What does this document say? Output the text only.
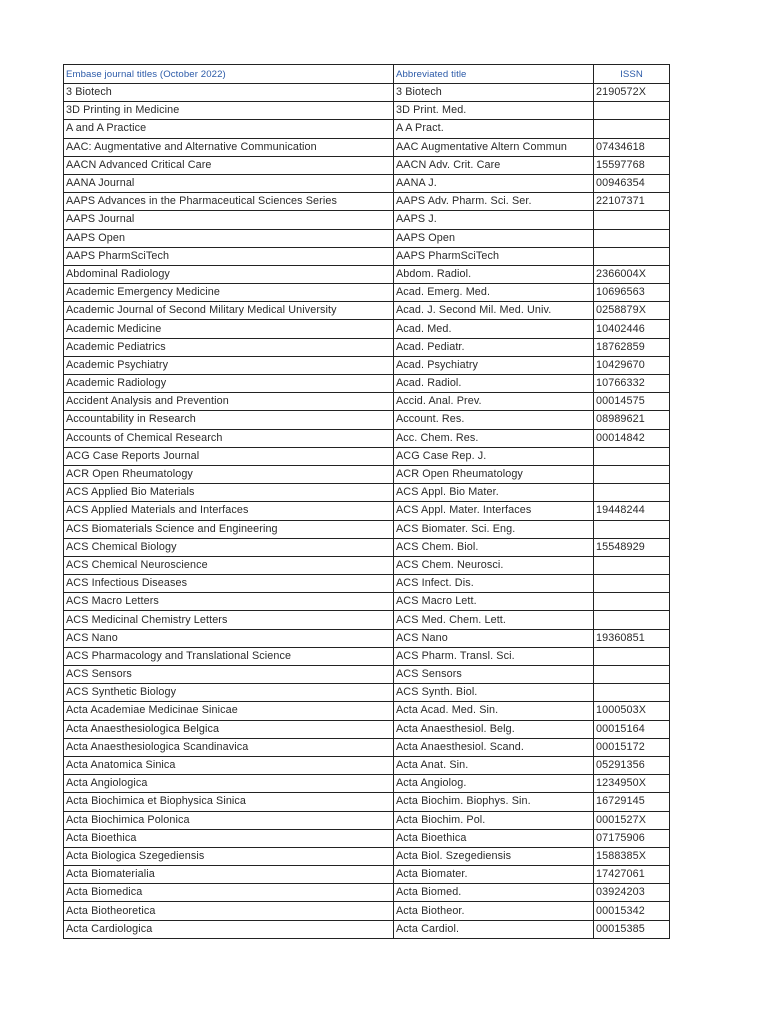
Embase journal titles (October 2022)	Abbreviated title	ISSN
3 Biotech	3 Biotech	2190572X
3D Printing in Medicine	3D Print. Med.	
A and A Practice	A A Pract.	
AAC: Augmentative and Alternative Communication	AAC Augmentative Altern Commun	07434618
AACN Advanced Critical Care	AACN Adv. Crit. Care	15597768
AANA Journal	AANA J.	00946354
AAPS Advances in the Pharmaceutical Sciences Series	AAPS Adv. Pharm. Sci. Ser.	22107371
AAPS Journal	AAPS J.	
AAPS Open	AAPS Open	
AAPS PharmSciTech	AAPS PharmSciTech	
Abdominal Radiology	Abdom. Radiol.	2366004X
Academic Emergency Medicine	Acad. Emerg. Med.	10696563
Academic Journal of Second Military Medical University	Acad. J. Second Mil. Med. Univ.	0258879X
Academic Medicine	Acad. Med.	10402446
Academic Pediatrics	Acad. Pediatr.	18762859
Academic Psychiatry	Acad. Psychiatry	10429670
Academic Radiology	Acad. Radiol.	10766332
Accident Analysis and Prevention	Accid. Anal. Prev.	00014575
Accountability in Research	Account. Res.	08989621
Accounts of Chemical Research	Acc. Chem. Res.	00014842
ACG Case Reports Journal	ACG Case Rep. J.	
ACR Open Rheumatology	ACR Open Rheumatology	
ACS Applied Bio Materials	ACS Appl. Bio Mater.	
ACS Applied Materials and Interfaces	ACS Appl. Mater. Interfaces	19448244
ACS Biomaterials Science and Engineering	ACS Biomater. Sci. Eng.	
ACS Chemical Biology	ACS Chem. Biol.	15548929
ACS Chemical Neuroscience	ACS Chem. Neurosci.	
ACS Infectious Diseases	ACS Infect. Dis.	
ACS Macro Letters	ACS Macro Lett.	
ACS Medicinal Chemistry Letters	ACS Med. Chem. Lett.	
ACS Nano	ACS Nano	19360851
ACS Pharmacology and Translational Science	ACS Pharm. Transl. Sci.	
ACS Sensors	ACS Sensors	
ACS Synthetic Biology	ACS Synth. Biol.	
Acta Academiae Medicinae Sinicae	Acta Acad. Med. Sin.	1000503X
Acta Anaesthesiologica Belgica	Acta Anaesthesiol. Belg.	00015164
Acta Anaesthesiologica Scandinavica	Acta Anaesthesiol. Scand.	00015172
Acta Anatomica Sinica	Acta Anat. Sin.	05291356
Acta Angiologica	Acta Angiolog.	1234950X
Acta Biochimica et Biophysica Sinica	Acta Biochim. Biophys. Sin.	16729145
Acta Biochimica Polonica	Acta Biochim. Pol.	0001527X
Acta Bioethica	Acta Bioethica	07175906
Acta Biologica Szegediensis	Acta Biol. Szegediensis	1588385X
Acta Biomaterialia	Acta Biomater.	17427061
Acta Biomedica	Acta Biomed.	03924203
Acta Biotheoretica	Acta Biotheor.	00015342
Acta Cardiologica	Acta Cardiol.	00015385
